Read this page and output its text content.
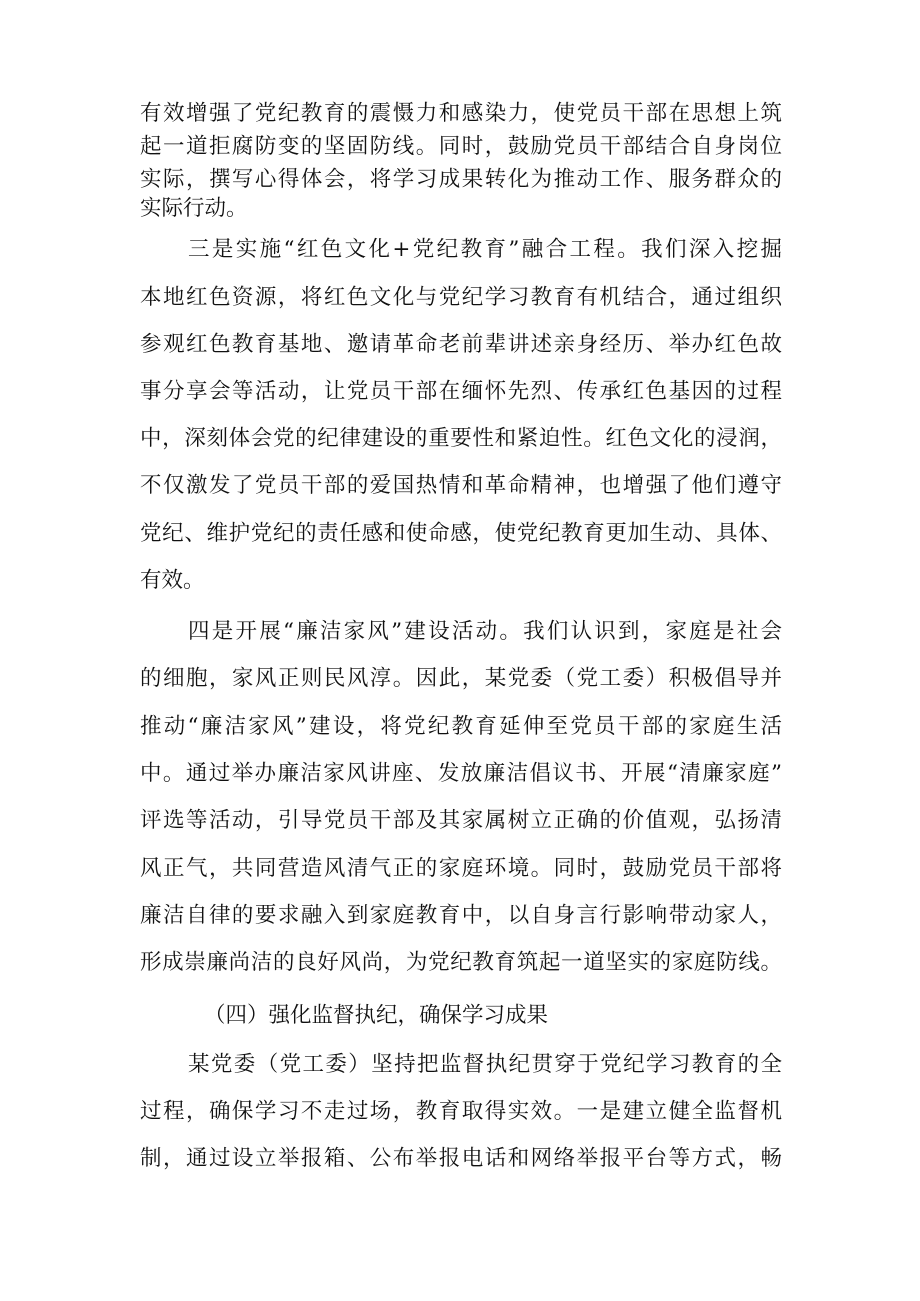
有效增强了党纪教育的震慑力和感染力，使党员干部在思想上筑
起一道拒腐防变的坚固防线。同时，鼓励党员干部结合自身岗位
实际，撰写心得体会，将学习成果转化为推动工作、服务群众的
实际行动。
三是实施“红色文化+党纪教育”融合工程。我们深入挖掘
本地红色资源，将红色文化与党纪学习教育有机结合，通过组织
参观红色教育基地、邀请革命老前辈讲述亲身经历、举办红色故
事分享会等活动，让党员干部在缅怀先烈、传承红色基因的过程
中，深刻体会党的纪律建设的重要性和紧迫性。红色文化的浸润，
不仅激发了党员干部的爱国热情和革命精神，也增强了他们遵守
党纪、维护党纪的责任感和使命感，使党纪教育更加生动、具体、
有效。
四是开展“廉洁家风”建设活动。我们认识到，家庭是社会
的细胞，家风正则民风淳。因此，某党委（党工委）积极倡导并
推动“廉洁家风”建设，将党纪教育延伸至党员干部的家庭生活
中。通过举办廉洁家风讲座、发放廉洁倡议书、开展“清廉家庭”
评选等活动，引导党员干部及其家属树立正确的价值观，弘扬清
风正气，共同营造风清气正的家庭环境。同时，鼓励党员干部将
廉洁自律的要求融入到家庭教育中，以自身言行影响带动家人，
形成崇廉尚洁的良好风尚，为党纪教育筑起一道坚实的家庭防线。
（四）强化监督执纪，确保学习成果
某党委（党工委）坚持把监督执纪贯穿于党纪学习教育的全
过程，确保学习不走过场，教育取得实效。一是建立健全监督机
制，通过设立举报箱、公布举报电话和网络举报平台等方式，畅
